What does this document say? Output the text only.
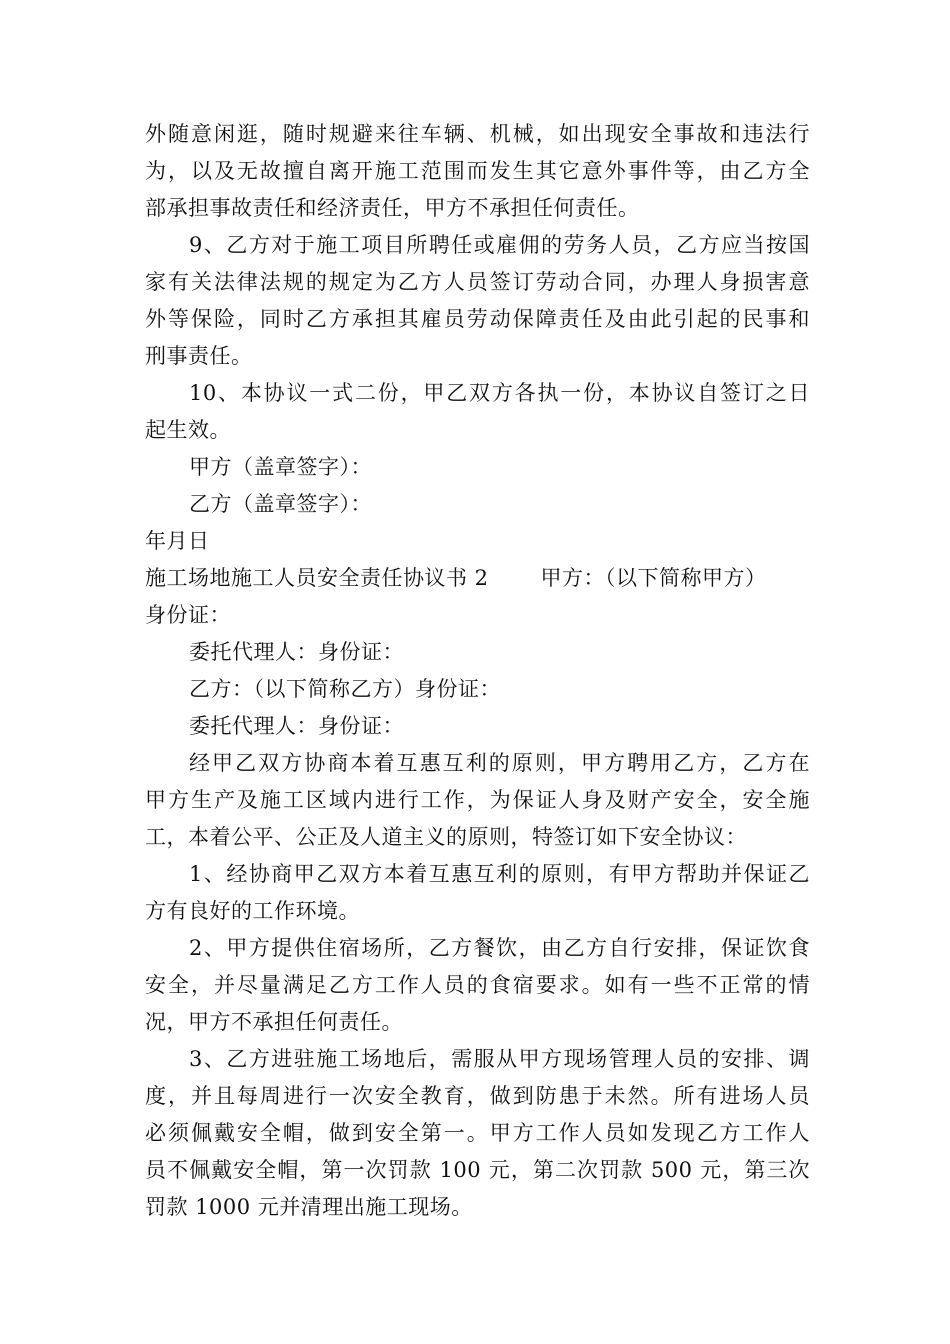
外随意闲逛，随时规避来往车辆、机械，如出现安全事故和违法行
为，以及无故擅自离开施工范围而发生其它意外事件等，由乙方全
部承担事故责任和经济责任，甲方不承担任何责任。
9、乙方对于施工项目所聘任或雇佣的劳务人员，乙方应当按国
家有关法律法规的规定为乙方人员签订劳动合同，办理人身损害意
外等保险，同时乙方承担其雇员劳动保障责任及由此引起的民事和
刑事责任。
10、本协议一式二份，甲乙双方各执一份，本协议自签订之日
起生效。
甲方（盖章签字）：
乙方（盖章签字）：
年月日
施工场地施工人员安全责任协议书 2 甲方：（以下简称甲方）
身份证：
委托代理人：身份证：
乙方：（以下简称乙方）身份证：
委托代理人：身份证：
经甲乙双方协商本着互惠互利的原则，甲方聘用乙方，乙方在
甲方生产及施工区域内进行工作，为保证人身及财产安全，安全施
工，本着公平、公正及人道主义的原则，特签订如下安全协议：
1、经协商甲乙双方本着互惠互利的原则，有甲方帮助并保证乙
方有良好的工作环境。
2、甲方提供住宿场所，乙方餐饮，由乙方自行安排，保证饮食
安全，并尽量满足乙方工作人员的食宿要求。如有一些不正常的情
况，甲方不承担任何责任。
3、乙方进驻施工场地后，需服从甲方现场管理人员的安排、调
度，并且每周进行一次安全教育，做到防患于未然。所有进场人员
必须佩戴安全帽，做到安全第一。甲方工作人员如发现乙方工作人
员不佩戴安全帽，第一次罚款 100 元，第二次罚款 500 元，第三次
罚款 1000 元并清理出施工现场。
